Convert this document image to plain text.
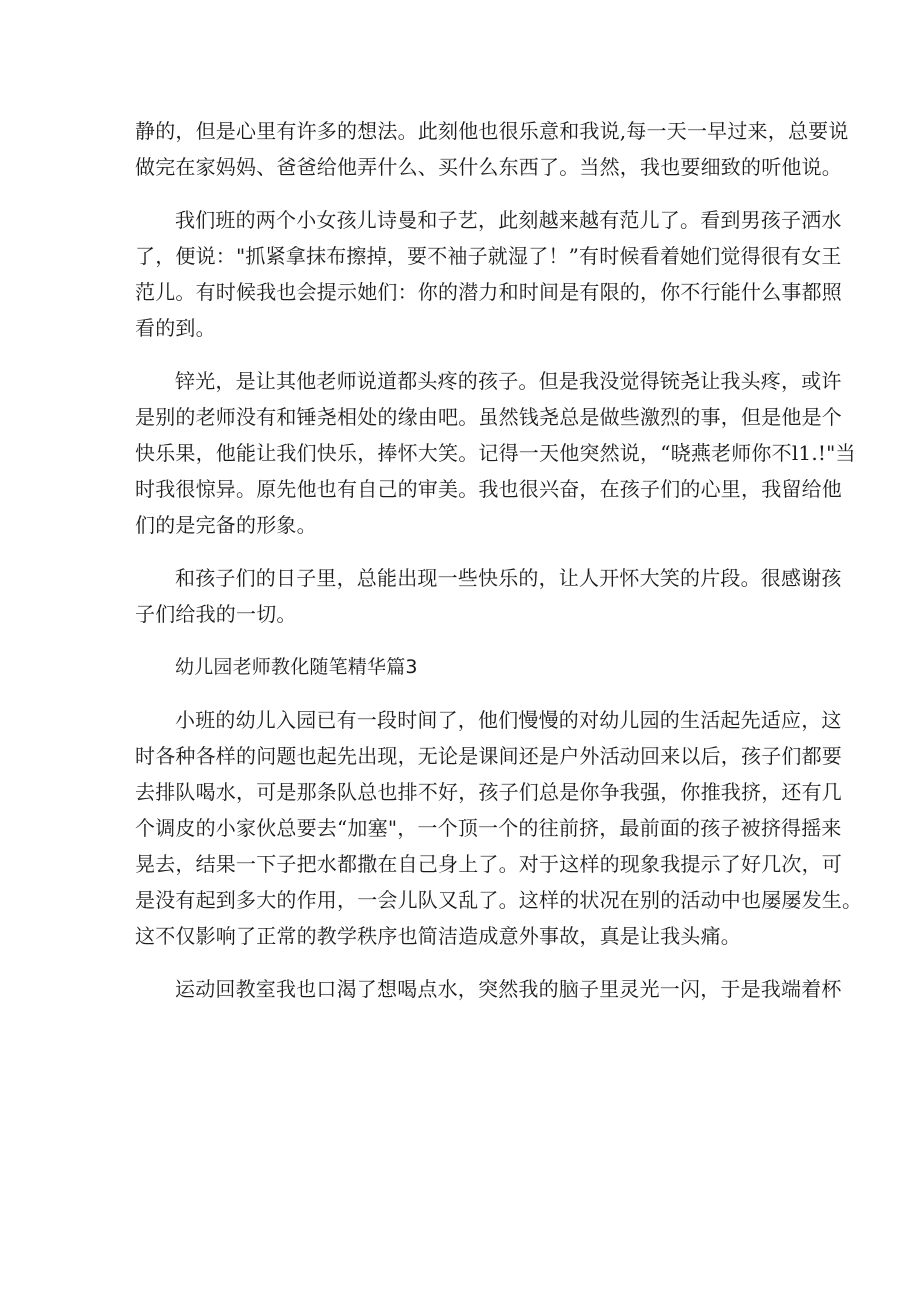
静的，但是心里有许多的想法。此刻他也很乐意和我说,每一天一早过来，总要说
做完在家妈妈、爸爸给他弄什么、买什么东西了。当然，我也要细致的听他说。
我们班的两个小女孩儿诗曼和子艺，此刻越来越有范儿了。看到男孩子洒水
了，便说："抓紧拿抹布擦掉，要不袖子就湿了！”有时候看着她们觉得很有女王
范儿。有时候我也会提示她们：你的潜力和时间是有限的，你不行能什么事都照
看的到。
锌光，是让其他老师说道都头疼的孩子。但是我没觉得铳尧让我头疼，或许
是别的老师没有和锤尧相处的缘由吧。虽然钱尧总是做些激烈的事，但是他是个
快乐果，他能让我们快乐，捧怀大笑。记得一天他突然说，“晓燕老师你不l1.!"当
时我很惊异。原先他也有自己的审美。我也很兴奋，在孩子们的心里，我留给他
们的是完备的形象。
和孩子们的日子里，总能出现一些快乐的，让人开怀大笑的片段。很感谢孩
子们给我的一切。
幼儿园老师教化随笔精华篇3
小班的幼儿入园已有一段时间了，他们慢慢的对幼儿园的生活起先适应，这
时各种各样的问题也起先出现，无论是课间还是户外活动回来以后，孩子们都要
去排队喝水，可是那条队总也排不好，孩子们总是你争我强，你推我挤，还有几
个调皮的小家伙总要去“加塞"，一个顶一个的往前挤，最前面的孩子被挤得摇来
晃去，结果一下子把水都撒在自己身上了。对于这样的现象我提示了好几次，可
是没有起到多大的作用，一会儿队又乱了。这样的状况在别的活动中也屡屡发生。
这不仅影响了正常的教学秩序也简洁造成意外事故，真是让我头痛。
运动回教室我也口渴了想喝点水，突然我的脑子里灵光一闪，于是我端着杯
